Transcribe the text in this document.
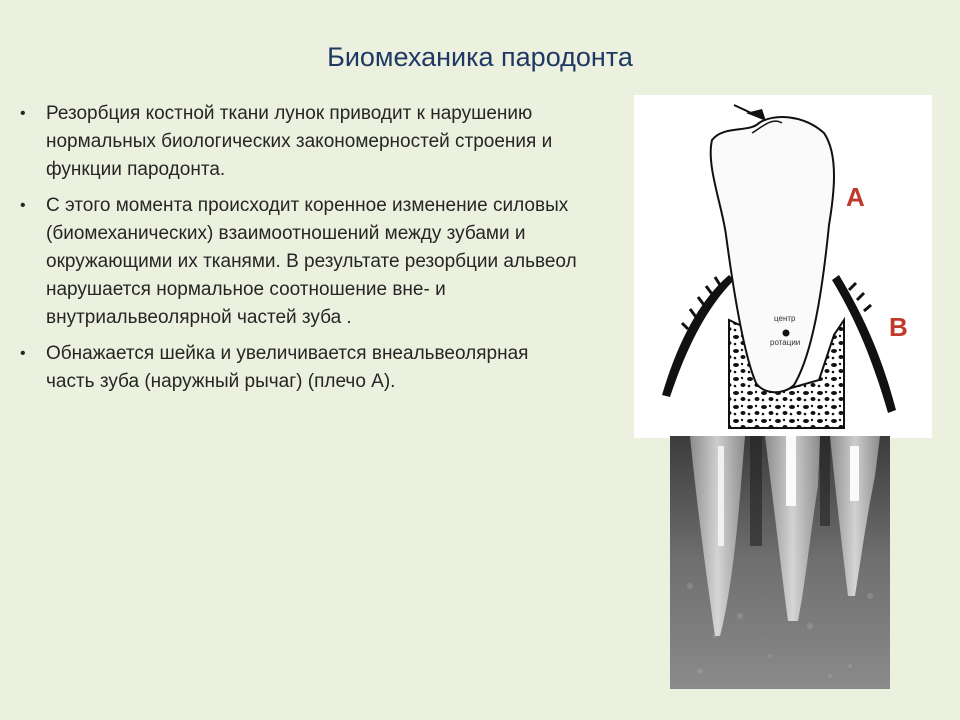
Биомеханика пародонта
• Резорбция костной ткани лунок приводит к нарушению нормальных биологических закономерностей строения и функции пародонта.
• С этого момента происходит коренное изменение силовых (биомеханических) взаимоотношений между зубами и окружающими их тканями. В результате резорбции альвеол нарушается нормальное соотношение вне- и внутриальвеолярной частей зуба .
• Обнажается шейка и увеличивается внеальвеолярная часть зуба (наружный рычаг) (плечо А).
центр
ротации
A
B
